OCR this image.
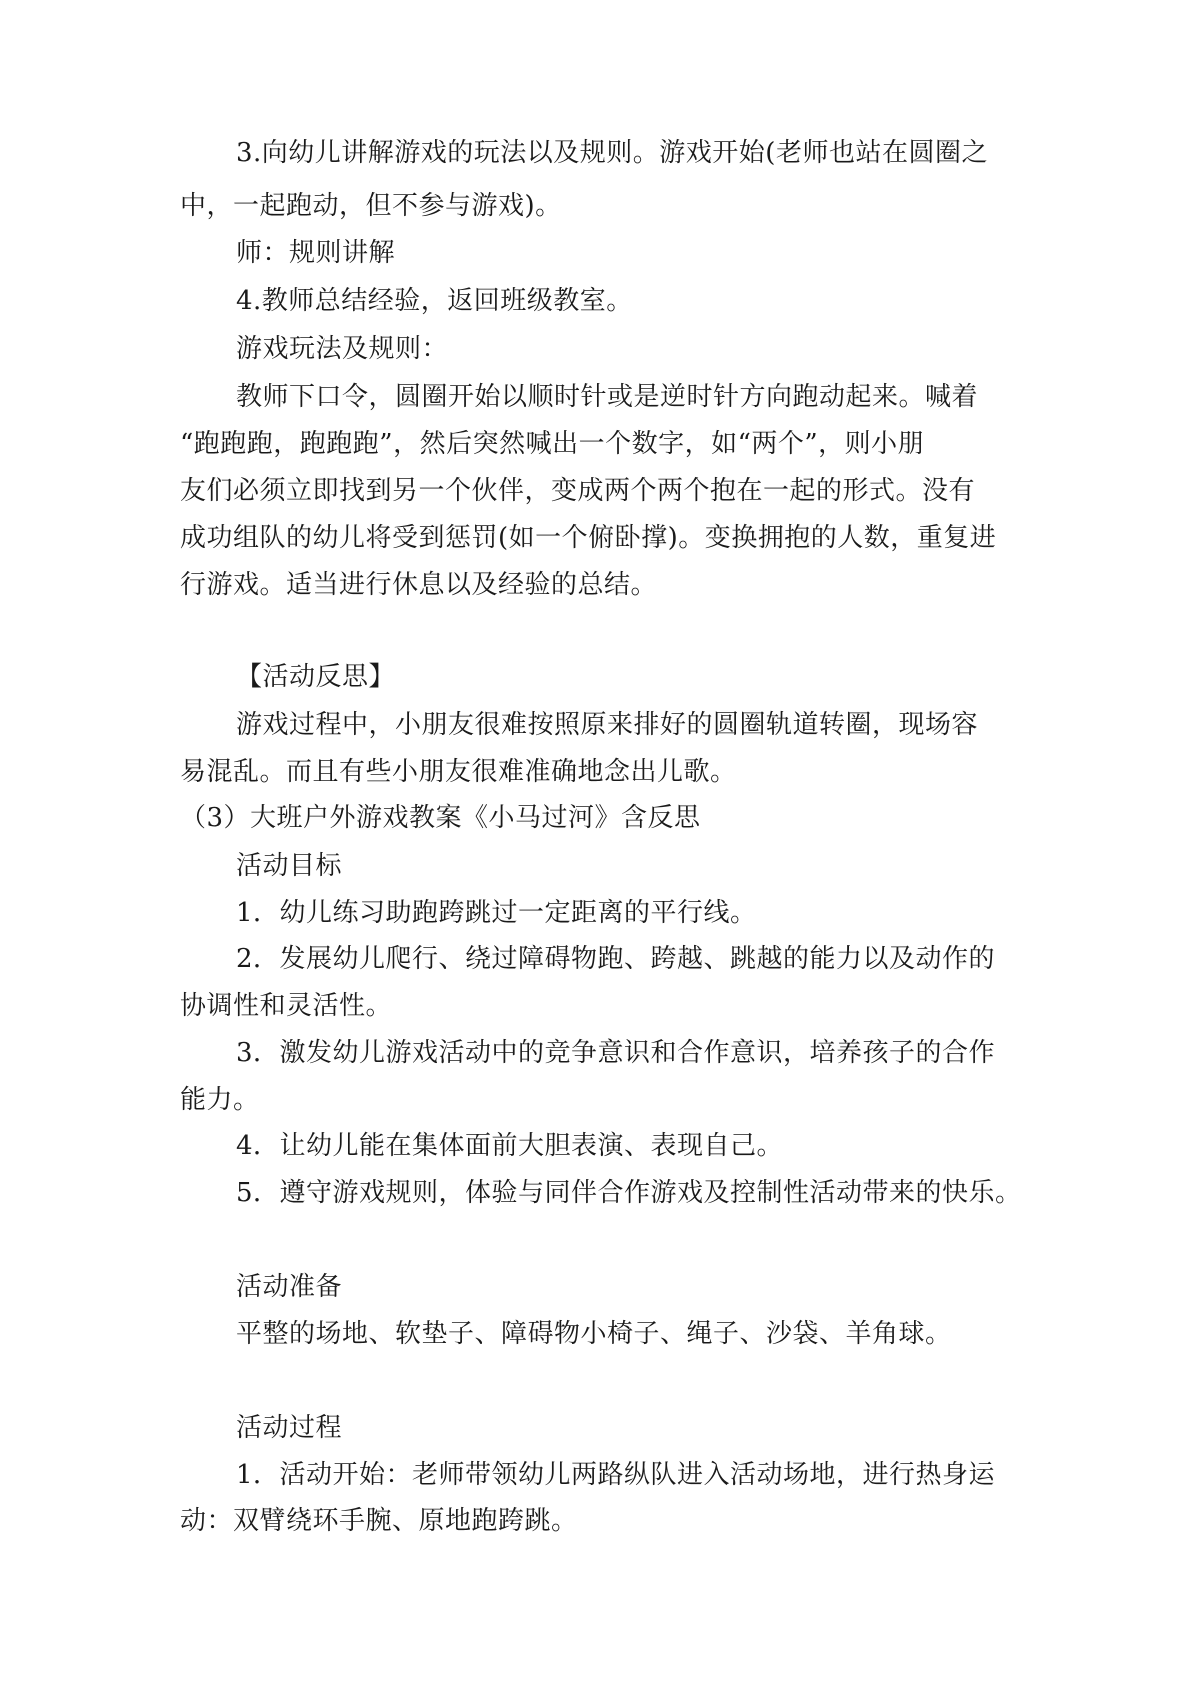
3.向幼儿讲解游戏的玩法以及规则。游戏开始(老师也站在圆圈之
中，一起跑动，但不参与游戏)。
师：规则讲解
4.教师总结经验，返回班级教室。
游戏玩法及规则：
教师下口令，圆圈开始以顺时针或是逆时针方向跑动起来。喊着
“跑跑跑，跑跑跑”，然后突然喊出一个数字，如“两个”，则小朋
友们必须立即找到另一个伙伴，变成两个两个抱在一起的形式。没有
成功组队的幼儿将受到惩罚(如一个俯卧撑)。变换拥抱的人数，重复进
行游戏。适当进行休息以及经验的总结。
【活动反思】
游戏过程中，小朋友很难按照原来排好的圆圈轨道转圈，现场容
易混乱。而且有些小朋友很难准确地念出儿歌。
（3）大班户外游戏教案《小马过河》含反思
活动目标
1．幼儿练习助跑跨跳过一定距离的平行线。
2．发展幼儿爬行、绕过障碍物跑、跨越、跳越的能力以及动作的
协调性和灵活性。
3．激发幼儿游戏活动中的竞争意识和合作意识，培养孩子的合作
能力。
4．让幼儿能在集体面前大胆表演、表现自己。
5．遵守游戏规则，体验与同伴合作游戏及控制性活动带来的快乐。
活动准备
平整的场地、软垫子、障碍物小椅子、绳子、沙袋、羊角球。
活动过程
1．活动开始：老师带领幼儿两路纵队进入活动场地，进行热身运
动：双臂绕环手腕、原地跑跨跳。
